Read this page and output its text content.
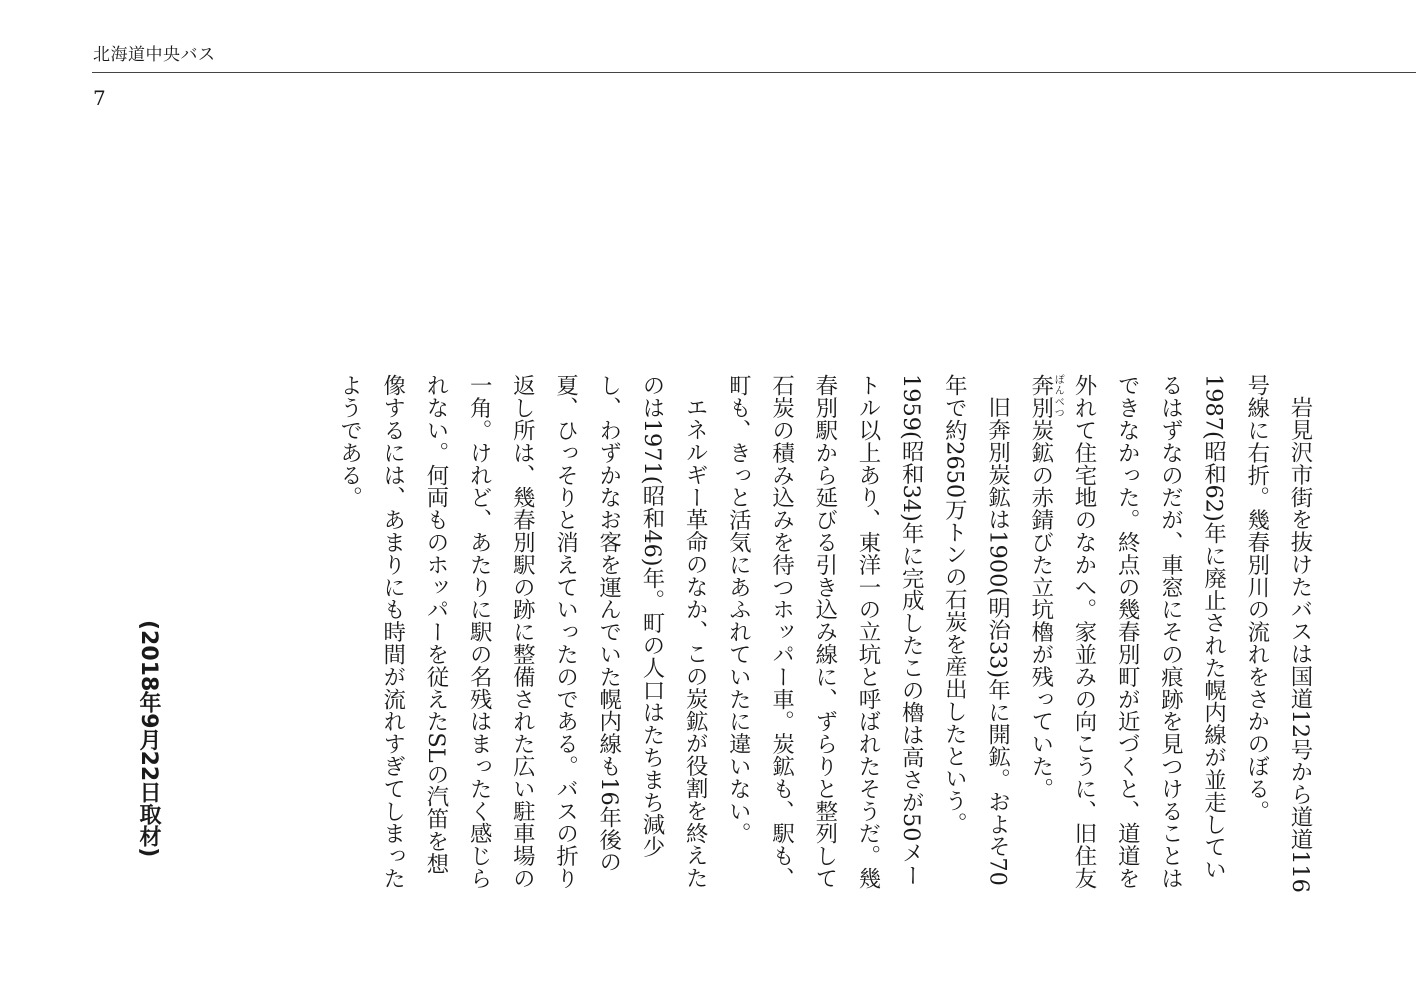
北海道中央バス
7

岩見沢市街を抜けたバスは国道12号から道道116号線に右折。幾春別川の流れをさかのぼる。1987(昭和62)年に廃止された幌内線が並走しているはずなのだが、車窓にその痕跡を見つけることはできなかった。終点の幾春別町が近づくと、道道を外れて住宅地のなかへ。家並みの向こうに、旧住友奔別ぽんべつ炭鉱の赤錆びた立坑櫓が残っていた。

旧奔別炭鉱は1900(明治33)年に開鉱。およそ70年で約2650万トンの石炭を産出したという。1959(昭和34)年に完成したこの櫓は高さが50メートル以上あり、東洋一の立坑と呼ばれたそうだ。幾春別駅から延びる引き込み線に、ずらりと整列して石炭の積み込みを待つホッパー車。炭鉱も、駅も、町も、きっと活気にあふれていたに違いない。

エネルギー革命のなか、この炭鉱が役割を終えたのは1971(昭和46)年。町の人口はたちまち減少し、わずかなお客を運んでいた幌内線も16年後の夏、ひっそりと消えていったのである。バスの折り返し所は、幾春別駅の跡に整備された広い駐車場の一角。けれど、あたりに駅の名残はまったく感じられない。何両ものホッパーを従えたSLの汽笛を想像するには、あまりにも時間が流れすぎてしまったようである。

(2018年9月22日取材)
